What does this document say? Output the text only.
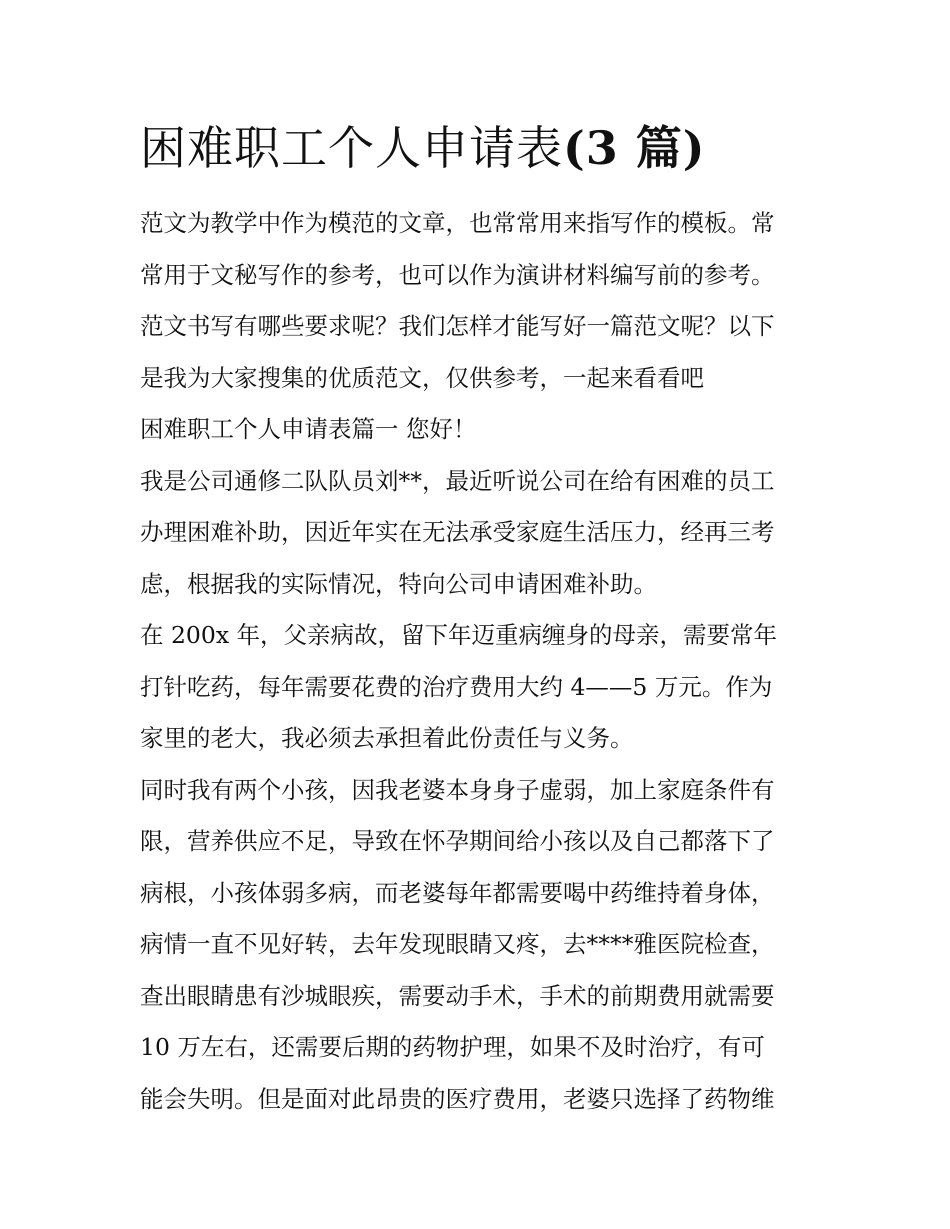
困难职工个人申请表(3 篇)
范文为教学中作为模范的文章，也常常用来指写作的模板。常
常用于文秘写作的参考，也可以作为演讲材料编写前的参考。
范文书写有哪些要求呢？我们怎样才能写好一篇范文呢？以下
是我为大家搜集的优质范文，仅供参考，一起来看看吧
困难职工个人申请表篇一 您好！
我是公司通修二队队员刘**，最近听说公司在给有困难的员工
办理困难补助，因近年实在无法承受家庭生活压力，经再三考
虑，根据我的实际情况，特向公司申请困难补助。
在 200x 年，父亲病故，留下年迈重病缠身的母亲，需要常年
打针吃药，每年需要花费的治疗费用大约 4——5 万元。作为
家里的老大，我必须去承担着此份责任与义务。
同时我有两个小孩，因我老婆本身身子虚弱，加上家庭条件有
限，营养供应不足，导致在怀孕期间给小孩以及自己都落下了
病根，小孩体弱多病，而老婆每年都需要喝中药维持着身体，
病情一直不见好转，去年发现眼睛又疼，去****雅医院检查，
查出眼睛患有沙城眼疾，需要动手术，手术的前期费用就需要
10 万左右，还需要后期的药物护理，如果不及时治疗，有可
能会失明。但是面对此昂贵的医疗费用，老婆只选择了药物维
